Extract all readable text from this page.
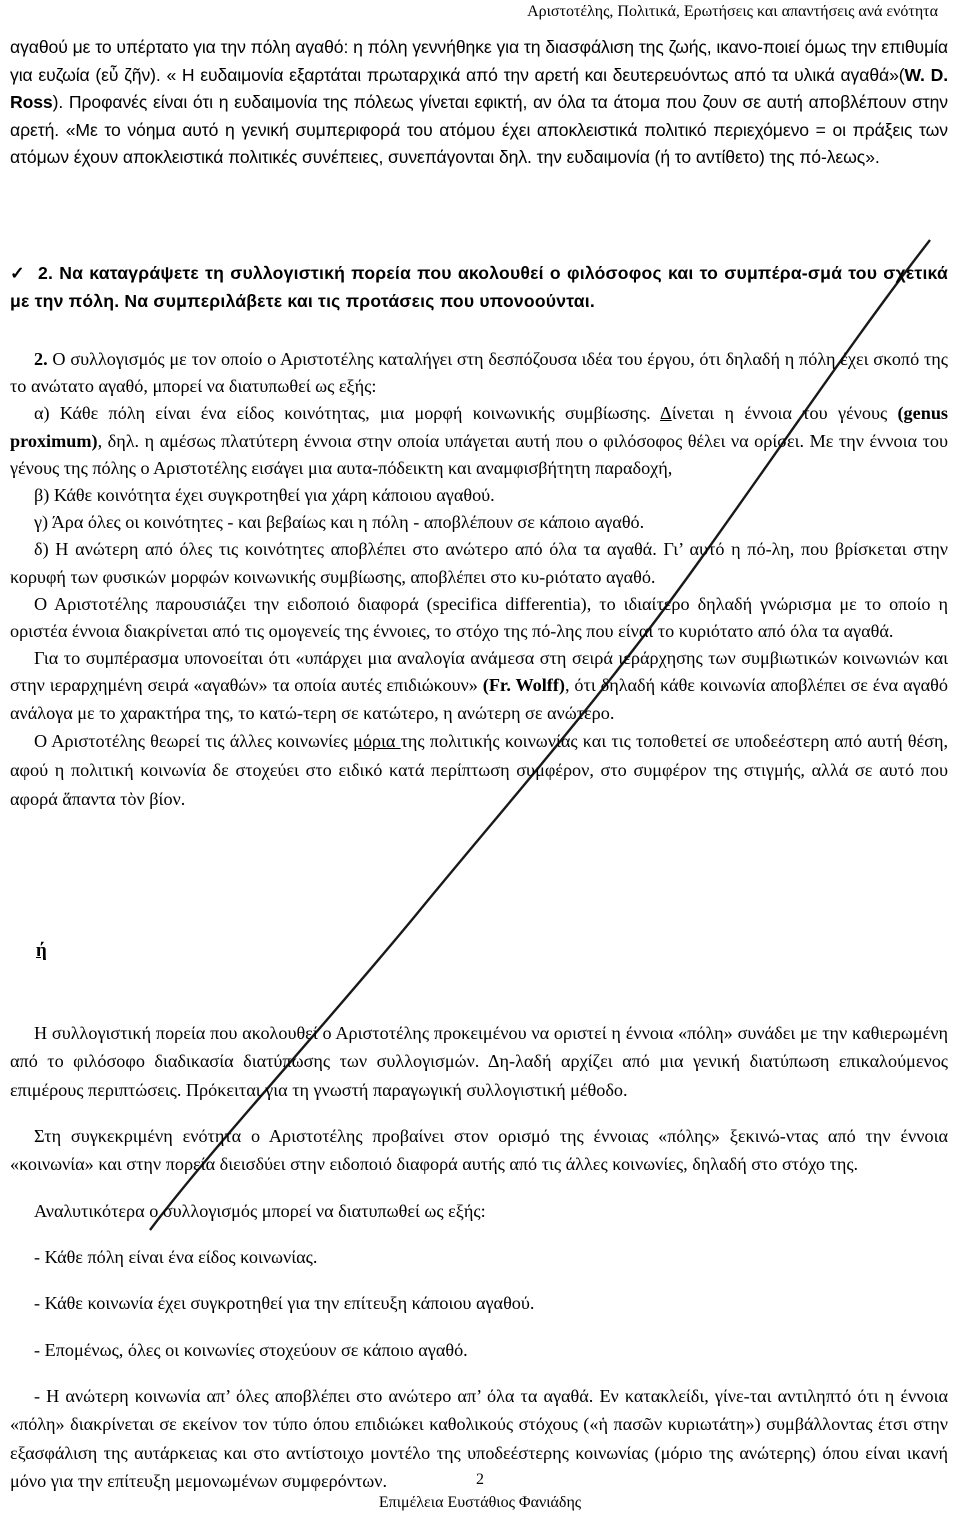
Αριστοτέλης, Πολιτικά, Ερωτήσεις και απαντήσεις ανά ενότητα

αγαθού με το υπέρτατο για την πόλη αγαθό: η πόλη γεννήθηκε για τη διασφάλιση της ζωής, ικανο-ποιεί όμως την επιθυμία για ευζωία (εὖ ζῆν). « Η ευδαιμονία εξαρτάται πρωταρχικά από την αρετή και δευτερευόντως από τα υλικά αγαθά»(W. D. Ross). Προφανές είναι ότι η ευδαιμονία της πόλεως γίνεται εφικτή, αν όλα τα άτομα που ζουν σε αυτή αποβλέπουν στην αρετή. «Με το νόημα αυτό η γενική συμπεριφορά του ατόμου έχει αποκλειστικά πολιτικό περιεχόμενο = οι πράξεις των ατόμων έχουν αποκλειστικά πολιτικές συνέπειες, συνεπάγονται δηλ. την ευδαιμονία (ή το αντίθετο) της πό-λεως».

✓ 2. Να καταγράψετε τη συλλογιστική πορεία που ακολουθεί ο φιλόσοφος και το συμπέρα-σμά του σχετικά με την πόλη. Να συμπεριλάβετε και τις προτάσεις που υπονοούνται.

2. Ο συλλογισμός με τον οποίο ο Αριστοτέλης καταλήγει στη δεσπόζουσα ιδέα του έργου, ότι δηλαδή η πόλη έχει σκοπό της το ανώτατο αγαθό, μπορεί να διατυπωθεί ως εξής:

α) Κάθε πόλη είναι ένα είδος κοινότητας, μια μορφή κοινωνικής συμβίωσης. Δίνεται η έννοια του γένους (genus proximum), δηλ. η αμέσως πλατύτερη έννοια στην οποία υπάγεται αυτή που ο φιλόσοφος θέλει να ορίσει. Με την έννοια του γένους της πόλης ο Αριστοτέλης εισάγει μια αυτα-πόδεικτη και αναμφισβήτητη παραδοχή,

β) Κάθε κοινότητα έχει συγκροτηθεί για χάρη κάποιου αγαθού.

γ) Άρα όλες οι κοινότητες - και βεβαίως και η πόλη - αποβλέπουν σε κάποιο αγαθό.

δ) Η ανώτερη από όλες τις κοινότητες αποβλέπει στο ανώτερο από όλα τα αγαθά. Γι’ αυτό η πό-λη, που βρίσκεται στην κορυφή των φυσικών μορφών κοινωνικής συμβίωσης, αποβλέπει στο κυ-ριότατο αγαθό.

Ο Αριστοτέλης παρουσιάζει την ειδοποιό διαφορά (specifica differentia), το ιδιαίτερο δηλαδή γνώρισμα με το οποίο η οριστέα έννοια διακρίνεται από τις ομογενείς της έννοιες, το στόχο της πό-λης που είναι το κυριότατο από όλα τα αγαθά.

Για το συμπέρασμα υπονοείται ότι «υπάρχει μια αναλογία ανάμεσα στη σειρά ιεράρχησης των συμβιωτικών κοινωνιών και στην ιεραρχημένη σειρά «αγαθών» τα οποία αυτές επιδιώκουν» (Fr. Wolff), ότι δηλαδή κάθε κοινωνία αποβλέπει σε ένα αγαθό ανάλογα με το χαρακτήρα της, το κατώ-τερη σε κατώτερο, η ανώτερη σε ανώτερο.

Ο Αριστοτέλης θεωρεί τις άλλες κοινωνίες μόρια της πολιτικής κοινωνίας και τις τοποθετεί σε υποδεέστερη από αυτή θέση, αφού η πολιτική κοινωνία δε στοχεύει στο ειδικό κατά περίπτωση συμφέρον, στο συμφέρον της στιγμής, αλλά σε αυτό που αφορά ἅπαντα τὸν βίον.

ή

Η συλλογιστική πορεία που ακολουθεί ο Αριστοτέλης προκειμένου να οριστεί η έννοια «πόλη» συνάδει με την καθιερωμένη από το φιλόσοφο διαδικασία διατύπωσης των συλλογισμών. Δη-λαδή αρχίζει από μια γενική διατύπωση επικαλούμενος επιμέρους περιπτώσεις. Πρόκειται για τη γνωστή παραγωγική συλλογιστική μέθοδο.

Στη συγκεκριμένη ενότητα ο Αριστοτέλης προβαίνει στον ορισμό της έννοιας «πόλης» ξεκινώ-ντας από την έννοια «κοινωνία» και στην πορεία διεισδύει στην ειδοποιό διαφορά αυτής από τις άλλες κοινωνίες, δηλαδή στο στόχο της.

Αναλυτικότερα ο συλλογισμός μπορεί να διατυπωθεί ως εξής:

- Κάθε πόλη είναι ένα είδος κοινωνίας.

- Κάθε κοινωνία έχει συγκροτηθεί για την επίτευξη κάποιου αγαθού.

- Επομένως, όλες οι κοινωνίες στοχεύουν σε κάποιο αγαθό.

- Η ανώτερη κοινωνία απ’ όλες αποβλέπει στο ανώτερο απ’ όλα τα αγαθά. Εν κατακλείδι, γίνε-ται αντιληπτό ότι η έννοια «πόλη» διακρίνεται σε εκείνον τον τύπο όπου επιδιώκει καθολικούς στόχους («ἡ πασῶν κυριωτάτη») συμβάλλοντας έτσι στην εξασφάλιση της αυτάρκειας και στο αντίστοιχο μοντέλο της υποδεέστερης κοινωνίας (μόριο της ανώτερης) όπου είναι ικανή μόνο για την επίτευξη μεμονωμένων συμφερόντων.	2
Επιμέλεια Ευστάθιος Φανιάδης
